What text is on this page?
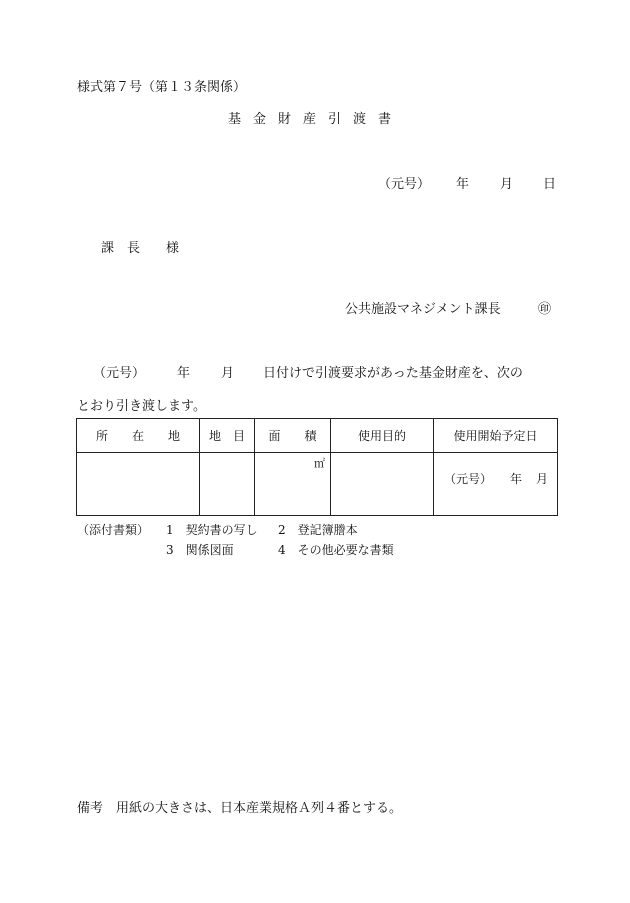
様式第７号（第１３条関係）
基金財産引渡書
（元号） 年 月 日
課　長　　様
公共施設マネジメント課長	㊞
（元号） 年 月 日付けで引渡要求があった基金財産を、次の
とおり引き渡します。
所　　在　　地	地　目	面　　積	使用目的	使用開始予定日

		㎡		（元号） 年 月
（添付書類） 1　契約書の写し 2　登記簿謄本
3　関係図面	4　その他必要な書類
備考　用紙の大きさは、日本産業規格Ａ列４番とする。
